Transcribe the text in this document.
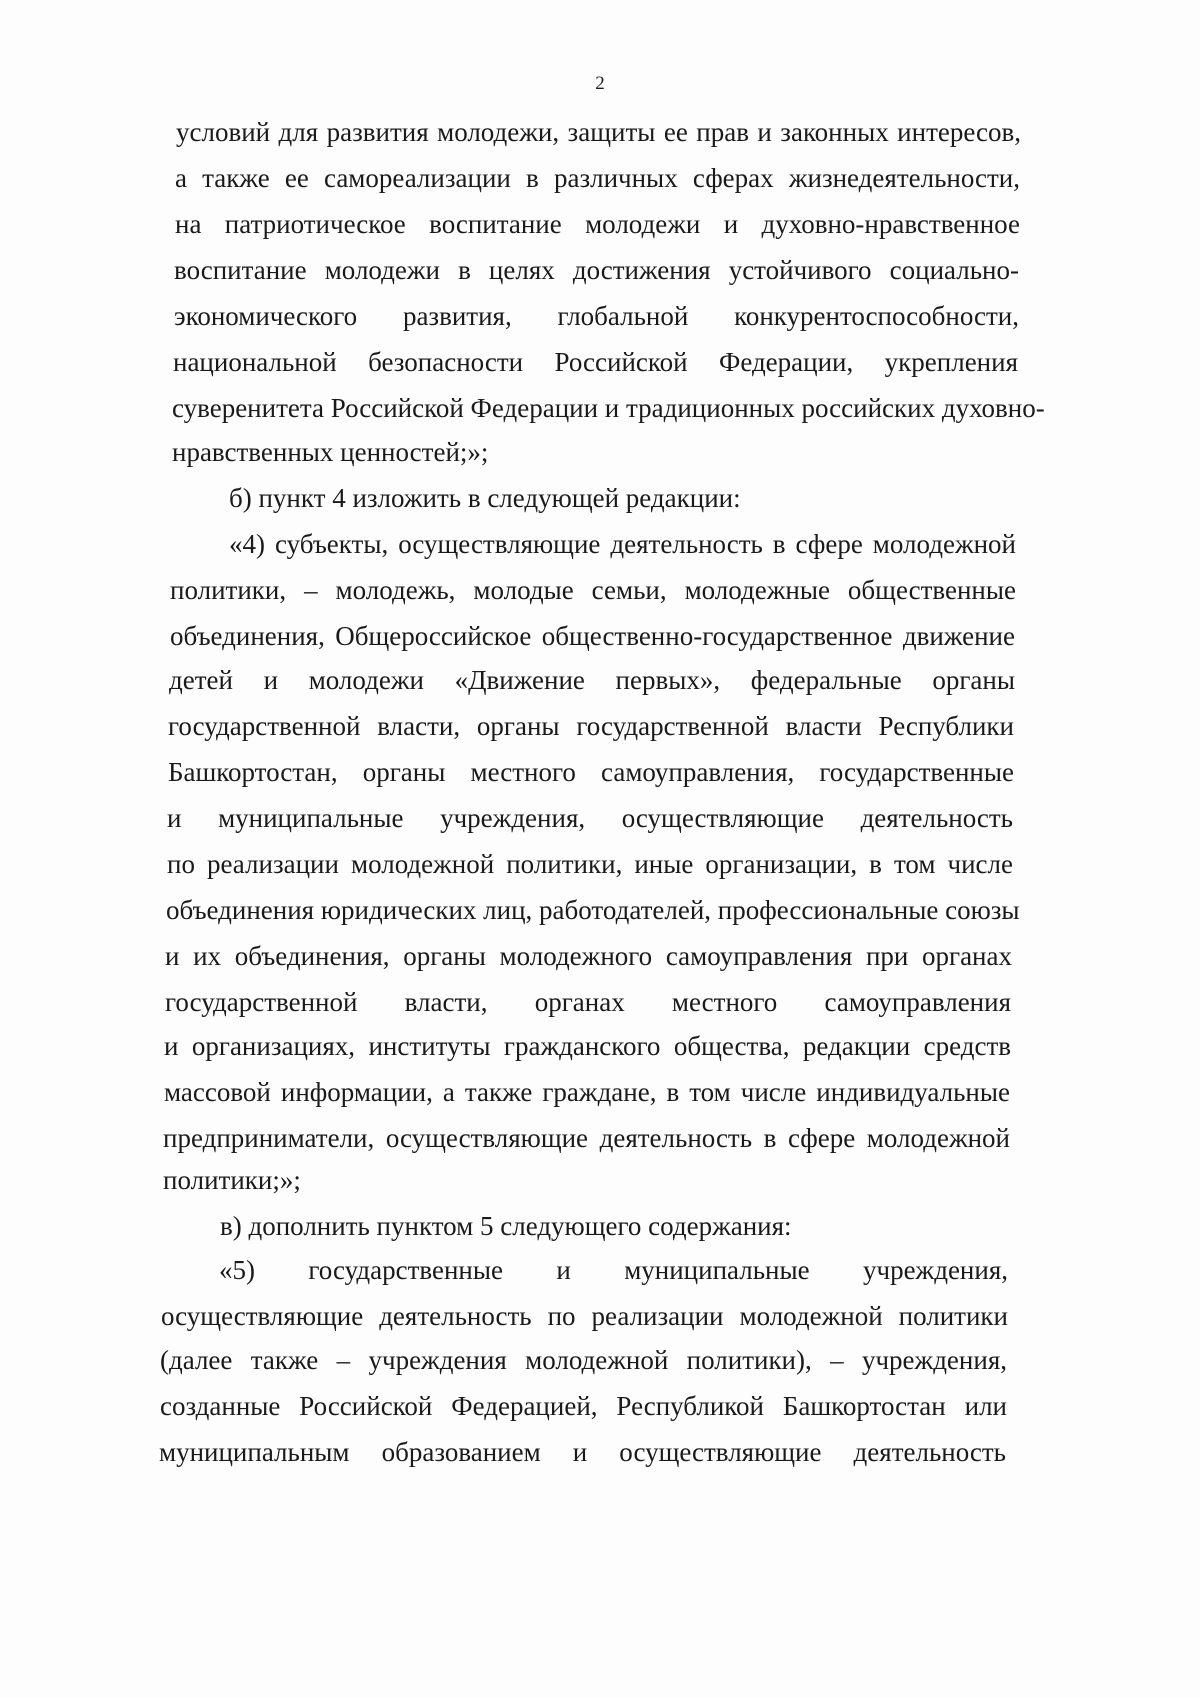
2
условий для развития молодежи, защиты ее прав и законных интересов,
а также ее самореализации в различных сферах жизнедеятельности,
на патриотическое воспитание молодежи и духовно-нравственное
воспитание молодежи в целях достижения устойчивого социально-
экономического развития, глобальной конкурентоспособности,
национальной безопасности Российской Федерации, укрепления
суверенитета Российской Федерации и традиционных российских духовно-
нравственных ценностей;»;
б) пункт 4 изложить в следующей редакции:
«4) субъекты, осуществляющие деятельность в сфере молодежной
политики, – молодежь, молодые семьи, молодежные общественные
объединения, Общероссийское общественно-государственное движение
детей и молодежи «Движение первых», федеральные органы
государственной власти, органы государственной власти Республики
Башкортостан, органы местного самоуправления, государственные
и муниципальные учреждения, осуществляющие деятельность
по реализации молодежной политики, иные организации, в том числе
объединения юридических лиц, работодателей, профессиональные союзы
и их объединения, органы молодежного самоуправления при органах
государственной власти, органах местного самоуправления
и организациях, институты гражданского общества, редакции средств
массовой информации, а также граждане, в том числе индивидуальные
предприниматели, осуществляющие деятельность в сфере молодежной
политики;»;
в) дополнить пунктом 5 следующего содержания:
«5) государственные и муниципальные учреждения,
осуществляющие деятельность по реализации молодежной политики
(далее также – учреждения молодежной политики), – учреждения,
созданные Российской Федерацией, Республикой Башкортостан или
муниципальным образованием и осуществляющие деятельность
